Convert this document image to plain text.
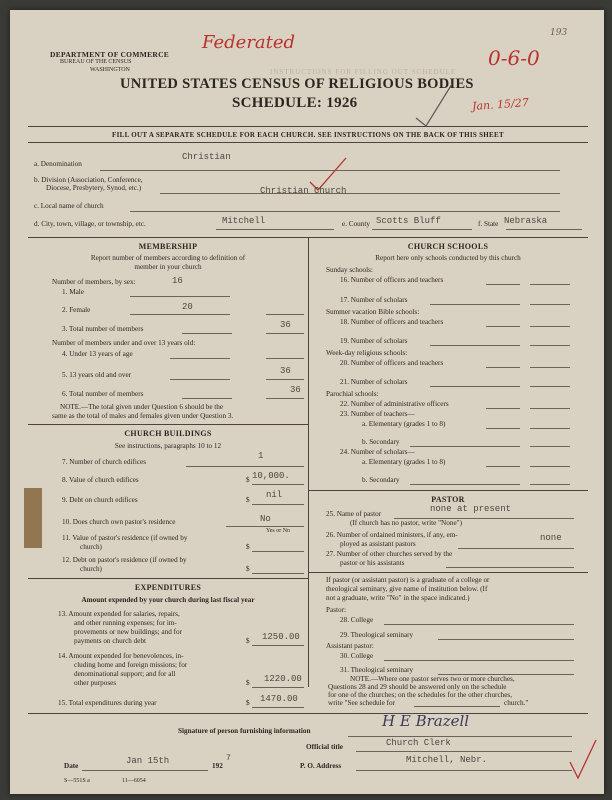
INSTRUCTIONS FOR FILLING OUT SCHEDULE
DEPARTMENT OF COMMERCE
BUREAU OF THE CENSUS
WASHINGTON
UNITED STATES CENSUS OF RELIGIOUS BODIES
SCHEDULE: 1926
Federated	193
0-6-0
Jan. 15/27
FILL OUT A SEPARATE SCHEDULE FOR EACH CHURCH. SEE INSTRUCTIONS ON THE BACK OF THIS SHEET
a. Denomination
Christian
b. Division (Association, Conference,
Diocese, Presbytery, Synod, etc.)	Christian Church
c. Local name of church
d. City, town, village, or township, etc.	Mitchell	e. County Scotts Bluff	f. State Nebraska
MEMBERSHIP
Report number of members according to definition of
member in your church
Number of members, by sex:	16
1. Male
2. Female	20
3. Total number of members	36
Number of members under and over 13 years old:
4. Under 13 years of age
5. 13 years old and over	36
6. Total number of members	36
NOTE.—The total given under Question 6 should be the
same as the total of males and females given under Question 3.
CHURCH BUILDINGS
See instructions, paragraphs 10 to 12
7. Number of church edifices
1
8. Value of church edifices	$ 10,000.
9. Debt on church edifices	$ nil
10. Does church own pastor's residence	No
Yes or No
11. Value of pastor's residence (if owned by
church)	$
12. Debt on pastor's residence (if owned by
church)	$
EXPENDITURES
Amount expended by your church during last fiscal year
13. Amount expended for salaries, repairs,
and other running expenses; for im-
provements or new buildings; and for
payments on church debt	$ 1250.00
14. Amount expended for benevolences, in-
cluding home and foreign missions; for
denominational support; and for all
other purposes	$ 1220.00
15. Total expenditures during year	$ 1470.00
CHURCH SCHOOLS
Report here only schools conducted by this church
Sunday schools:
16. Number of officers and teachers
17. Number of scholars
Summer vacation Bible schools:
18. Number of officers and teachers
19. Number of scholars
Week-day religious schools:
20. Number of officers and teachers
21. Number of scholars
Parochial schools:
22. Number of administrative officers
23. Number of teachers—
a. Elementary (grades 1 to 8)
b. Secondary
24. Number of scholars—
a. Elementary (grades 1 to 8)
b. Secondary
PASTOR
25. Name of pastor	none at present
(If church has no pastor, write "None")
26. Number of ordained ministers, if any, em-
ployed as assistant pastors
none
27. Number of other churches served by the
pastor or his assistants
If pastor (or assistant pastor) is a graduate of a college or
theological seminary, give name of institution below. (If
not a graduate, write "No" in the space indicated.)
Pastor:
28. College
29. Theological seminary
Assistant pastor:
30. College
31. Theological seminary
NOTE.—Where one pastor serves two or more churches,
Questions 28 and 29 should be answered only on the schedule
for one of the churches; on the schedules for the other churches,
write "See schedule for	church."
Signature of person furnishing information
H E Brazell
Official title	Church Clerk
Date	Jan 15th	192
7
P. O. Address
Mitchell, Nebr.
S—551S a	11—6054
